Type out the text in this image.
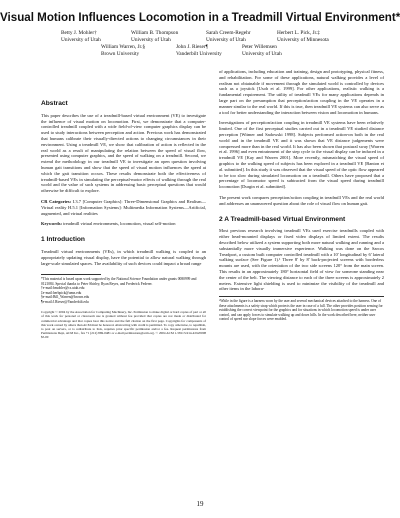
Visual Motion Influences Locomotion in a Treadmill Virtual Environment*
Betty J. Mohler†
University of Utah
William B. Thompson
University of Utah
Sarah Creem-Regehr
University of Utah
Herbert L. Pick, Jr.‡
University of Minnesota
William Warren, Jr.§
Brown University
John J. Rieser¶
Vanderbilt University
Peter Willemsen
University of Utah
Abstract

This paper describes the use of a treadmill-based virtual environment (VE) to investigate the influence of visual motion on locomotion. First, we demonstrate that a computer-controlled treadmill coupled with a wide field-of-view computer graphics display can be used to study interactions between perception and action. Previous work has demonstrated that humans calibrate their visually-directed actions to changing circumstances in their environment. Using a treadmill VE, we show that calibration of action is reflected in the real world as a result of manipulating the relation between the speed of visual flow, presented using computer graphics, and the speed of walking on a treadmill. Second, we extend the methodology in our treadmill VE to investigate an open question involving human gait transitions and show that the speed of visual motion influences the speed at which the gait transition occurs. These results demonstrate both the effectiveness of treadmill-based VEs in simulating the perceptual-motor effects of walking through the real world and the value of such systems in addressing basic perceptual questions that would otherwise be difficult to explore.

CR Categories: I.3.7 [Computer Graphics]: Three-Dimensional Graphics and Realism—Virtual reality H.5.1 [Information Systems]: Multimedia Information Systems—Artificial, augmented, and virtual realities

Keywords: treadmill virtual environments, locomotion, visual self-motion

1 Introduction

Treadmill virtual environments (VEs), in which treadmill walking is coupled to an appropriately updating visual display, have the potential to allow natural walking through large-scale simulated spaces. The availability of such devices could impact a broad range

*This material is based upon work supported by the National Science Foundation under grants 0080999 and 0121084. Special thanks to Peter Shirley, Ryan Reyes, and Frederick Federer.
†e-mail:bmohler@cs.utah.edu
‡e-mail:herbpick@umn.edu
§e-mail:Bill_Warren@brown.edu
¶e-mail:J.Rieser@Vanderbilt.edu
Copyright © 2004 by the Association for Computing Machinery, Inc. Permission to make digital or hard copies of part or all of this work for personal or classroom use is granted without fee provided that copies are not made or distributed for commercial advantage and that copies bear this notice and the full citation on the first page. Copyrights for components of this work owned by others than ACM must be honored. Abstracting with credit is permitted. To copy otherwise, to republish, to post on servers, or to redistribute to lists, requires prior specific permission and/or a fee. Request permissions from Permissions Dept, ACM Inc., fax +1 (212) 869-0481 or e-mail permissions@acm.org. © 2004 ACM 1-58113-914-4/04/0008 $5.00

of applications, including education and training, design and prototyping, physical fitness, and rehabilitation. For some of these applications, natural walking provides a level of realism not obtainable if movement through the simulated world is controlled by devices such as a joystick [Usoh et al. 1999]. For other applications, realistic walking is a fundamental requirement. The utility of treadmill VEs for many applications depends in large part on the presumption that perception/action coupling in the VE operates in a manner similar to the real world. If this is true, then treadmill VE systems can also serve as a tool for better understanding the interaction between vision and locomotion in humans.

Investigations of perception/action coupling in treadmill VE systems have been relatively limited. One of the first perceptual studies carried out in a treadmill VE studied distance perception [Witmer and Sadowski 1998]. Subjects performed action-on both in the real world and in the treadmill VE and it was shown that VE distance judgements were compressed more than in the real world. It has also been shown that postural sway [Warren et al. 1996] and even entrainment of the step cycle to the visual display can be induced in a treadmill VE [Kay and Warren 2001]. More recently, mismatching the visual speed of graphics to the walking speed of subjects has been explored in a treadmill VE [Banton et al. submitted]. In this study it was observed that the visual speed of the optic flow appeared to be too slow during simulated locomotion on a treadmill. Others have proposed that a percentage of locomotor speed is subtracted from the visual speed during treadmill locomotion [Durgin et al. submitted].

The present work compares perception/action coupling in treadmill VEs and the real world and addresses an unanswered question about the role of visual flow on human gait.

2 A Treadmill-based Virtual Environment

Most previous research involving treadmill VEs used exercise treadmills coupled with either head-mounted displays or fixed video displays of limited extent. The results described below utilized a system supporting both more natural walking and running and a substantially more visually immersive experience. Walking was done on the Sarcos Treadport, a custom built computer controlled treadmill with a 10' longitudinal by 6' lateral walking surface (See Figure 1).¹ Three 8' by 8' back-projected screens with borderless mounts are used, with the orientation of the two side screens 120° from the main screen. This results in an approximately 180° horizontal field of view for someone standing near the center of the belt. The viewing distance to each of the three screens is approximately 2 meters. Extensive light shielding is used to minimize the visibility of the treadmill and other items in the labora-

¹While in the figure is a harness worn by the user and several mechanical devices attached to the harness. One of these attachments is a safety strap which protects the user in case of a fall. The other provides position sensing for establishing the correct viewpoint for the graphics and for situations in which locomotion speed is under user control, and can apply forces to simulate walking up and down hills. In the work described here, neither user control of speed nor slope forces were enabled.
19
